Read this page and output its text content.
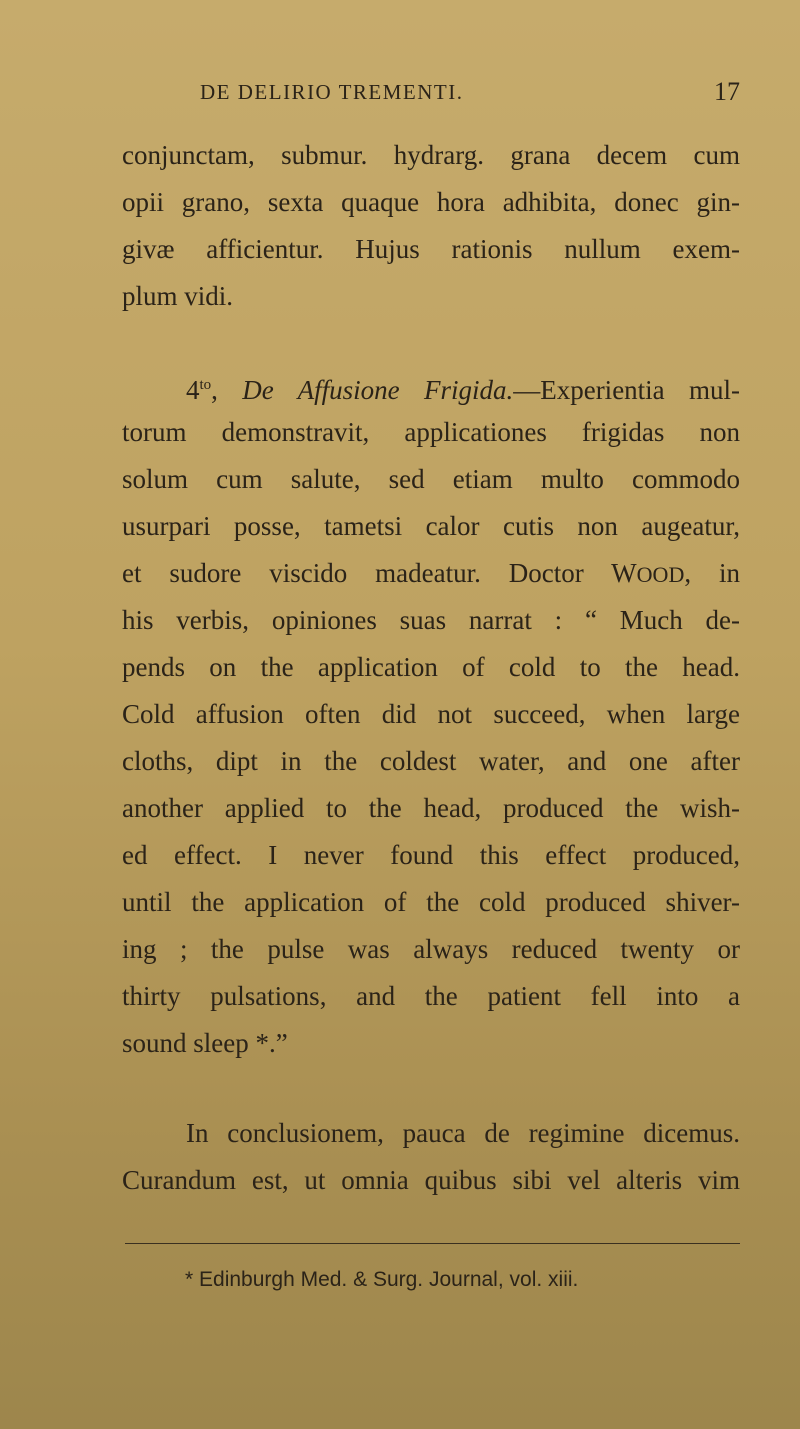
DE DELIRIO TREMENTI.	17
conjunctam, submur. hydrarg. grana decem cum
opii grano, sexta quaque hora adhibita, donec gin-
givæ afficientur. Hujus rationis nullum exem-
plum vidi.
$4^{to}$, De Affusione Frigida.—Experientia mul-
torum demonstravit, applicationes frigidas non
solum cum salute, sed etiam multo commodo
usurpari posse, tametsi calor cutis non augeatur,
et sudore viscido madeatur. Doctor WOOD, in
his verbis, opiniones suas narrat : “ Much de-
pends on the application of cold to the head.
Cold affusion often did not succeed, when large
cloths, dipt in the coldest water, and one after
another applied to the head, produced the wish-
ed effect. I never found this effect produced,
until the application of the cold produced shiver-
ing ; the pulse was always reduced twenty or
thirty pulsations, and the patient fell into a
sound sleep *.”
In conclusionem, pauca de regimine dicemus.
Curandum est, ut omnia quibus sibi vel alteris vim
* Edinburgh Med. & Surg. Journal, vol. xiii.
